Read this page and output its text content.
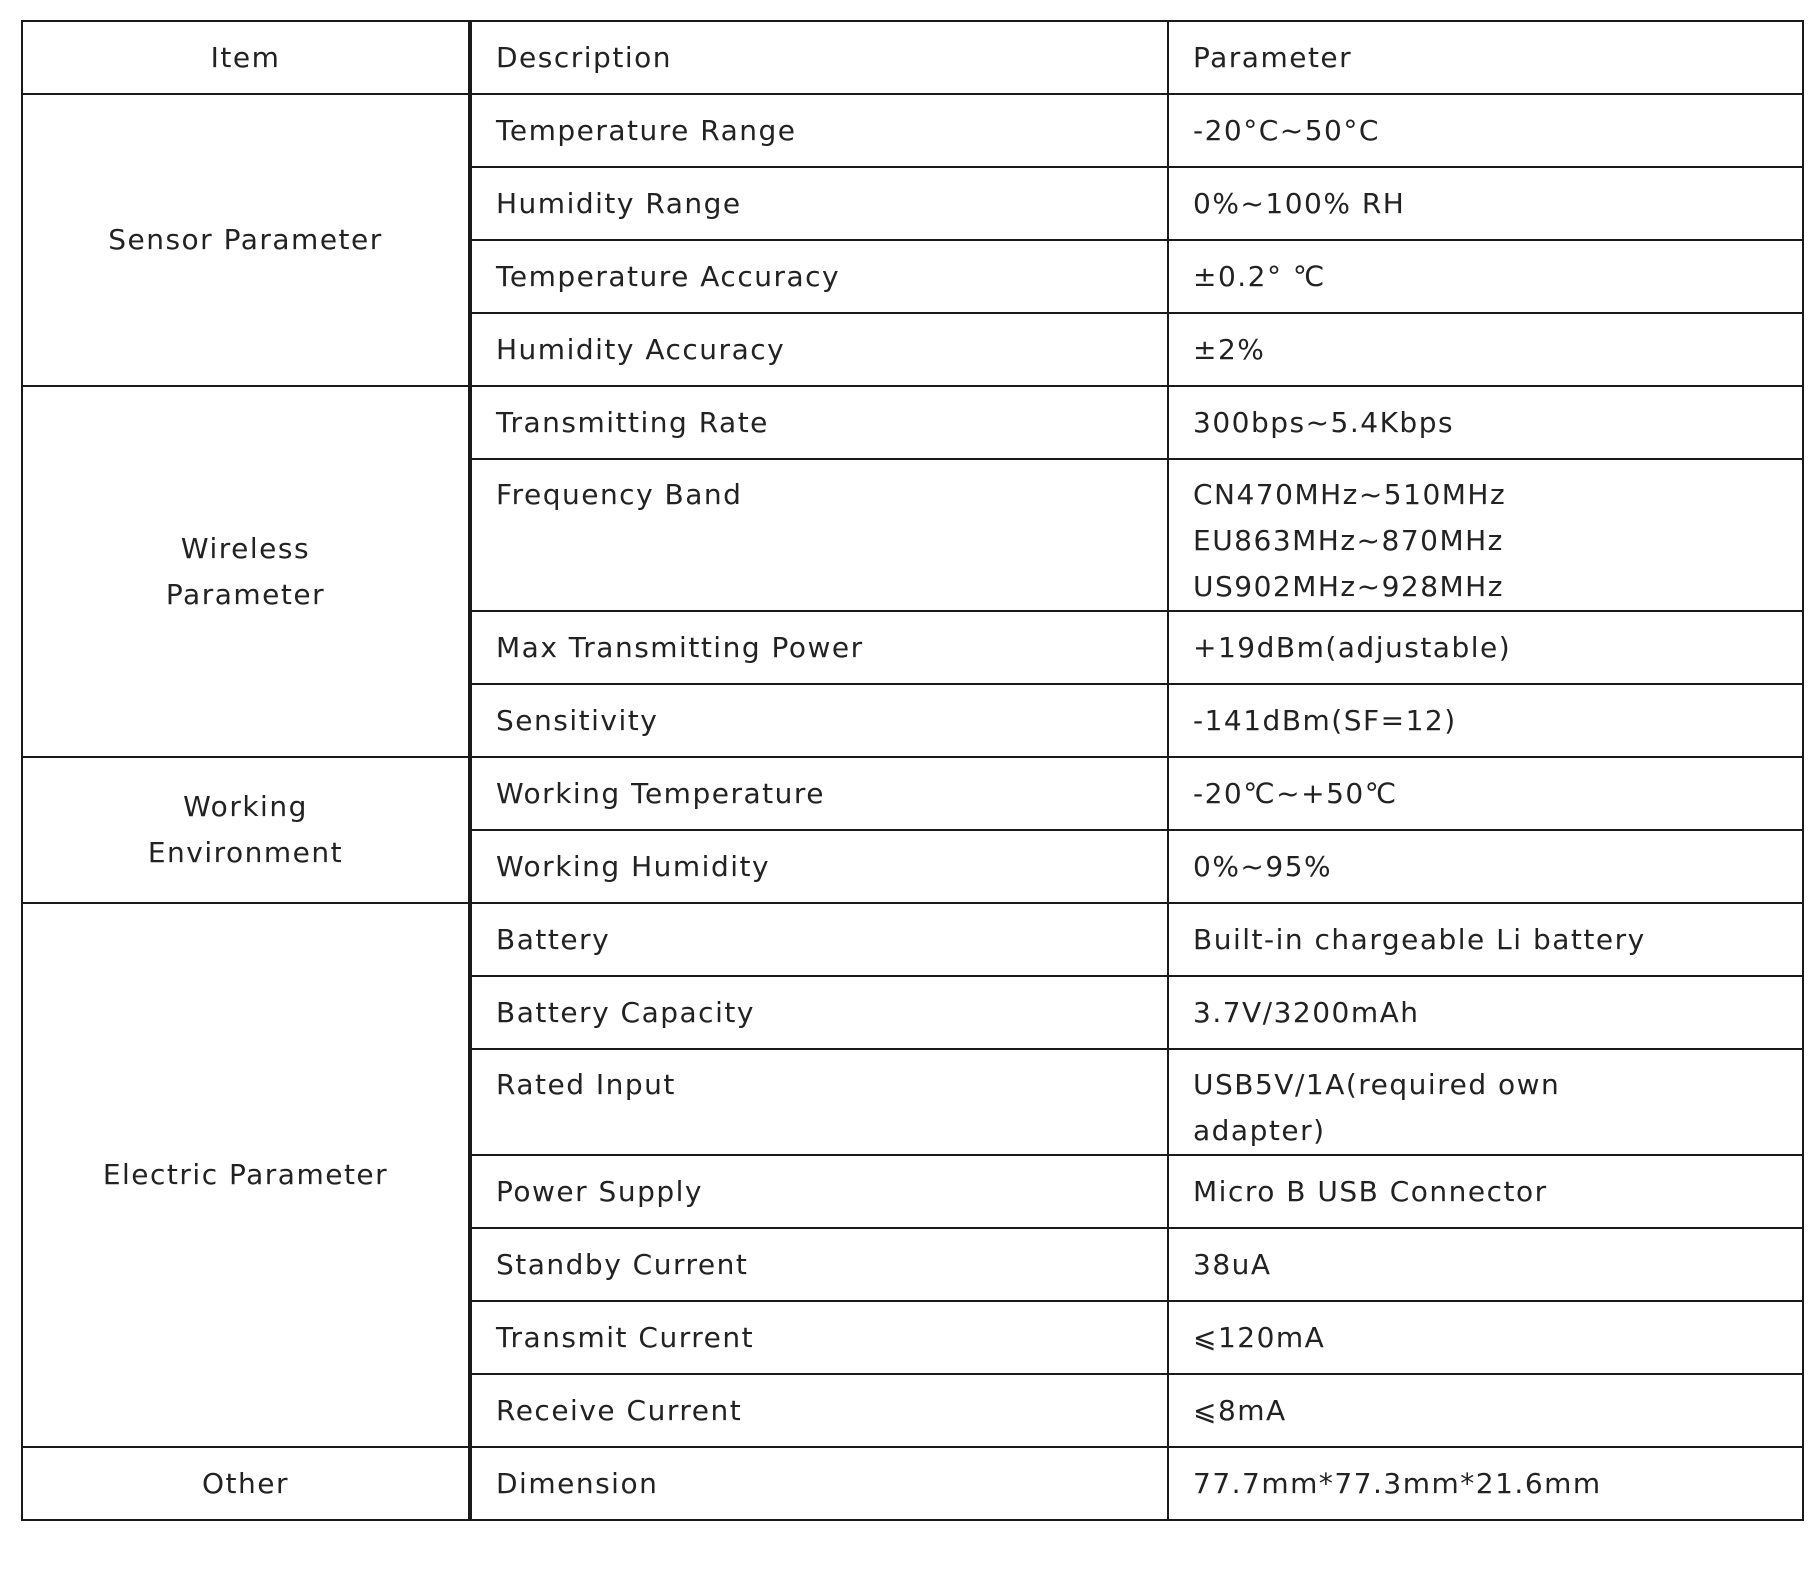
Item	Description	Parameter
Sensor Parameter	Temperature Range	-20°C~50°C

	Humidity Range	0%~100% RH

	Temperature Accuracy	±0.2° ℃

	Humidity Accuracy	±2%

Wireless Parameter	Transmitting Rate	300bps~5.4Kbps

	Frequency Band	CN470MHz~510MHz
EU863MHz~870MHz
US902MHz~928MHz

	Max Transmitting Power	+19dBm(adjustable)

	Sensitivity	-141dBm(SF=12)

Working Environment	Working Temperature	-20℃~+50℃

	Working Humidity	0%~95%

Electric Parameter	Battery	Built-in chargeable Li battery

	Battery Capacity	3.7V/3200mAh

	Rated Input	USB5V/1A(required own
adapter)

	Power Supply	Micro B USB Connector

	Standby Current	38uA

	Transmit Current	⩽120mA

	Receive Current	⩽8mA

Other	Dimension	77.7mm*77.3mm*21.6mm
